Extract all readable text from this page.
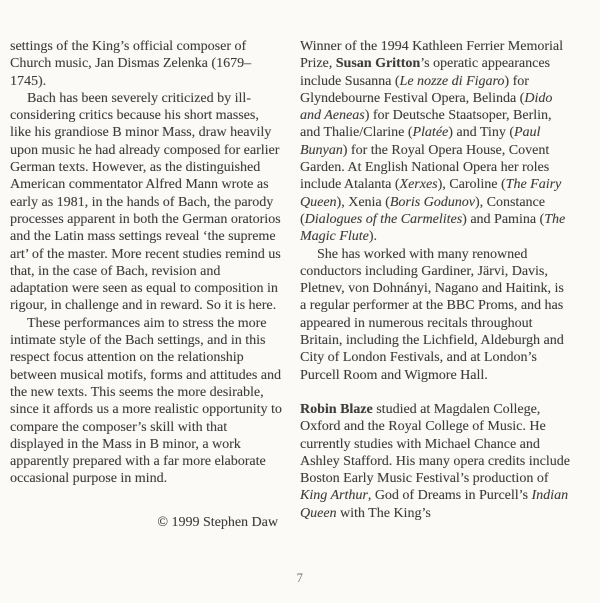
settings of the King’s official composer of Church music, Jan Dismas Zelenka (1679–1745).

Bach has been severely criticized by ill-considering critics because his short masses, like his grandiose B minor Mass, draw heavily upon music he had already composed for earlier German texts. However, as the distinguished American commentator Alfred Mann wrote as early as 1981, in the hands of Bach, the parody processes apparent in both the German oratorios and the Latin mass settings reveal ‘the supreme art’ of the master. More recent studies remind us that, in the case of Bach, revision and adaptation were seen as equal to composition in rigour, in challenge and in reward. So it is here.

These performances aim to stress the more intimate style of the Bach settings, and in this respect focus attention on the relationship between musical motifs, forms and attitudes and the new texts. This seems the more desirable, since it affords us a more realistic opportunity to compare the composer’s skill with that displayed in the Mass in B minor, a work apparently prepared with a far more elaborate occasional purpose in mind.

© 1999 Stephen Daw

Winner of the 1994 Kathleen Ferrier Memorial Prize, Susan Gritton’s operatic appearances include Susanna (Le nozze di Figaro) for Glyndebourne Festival Opera, Belinda (Dido and Aeneas) for Deutsche Staatsoper, Berlin, and Thalie/Clarine (Platée) and Tiny (Paul Bunyan) for the Royal Opera House, Covent Garden. At English National Opera her roles include Atalanta (Xerxes), Caroline (The Fairy Queen), Xenia (Boris Godunov), Constance (Dialogues of the Carmelites) and Pamina (The Magic Flute).

She has worked with many renowned conductors including Gardiner, Järvi, Davis, Pletnev, von Dohnányi, Nagano and Haitink, is a regular performer at the BBC Proms, and has appeared in numerous recitals throughout Britain, including the Lichfield, Aldeburgh and City of London Festivals, and at London’s Purcell Room and Wigmore Hall.

Robin Blaze studied at Magdalen College, Oxford and the Royal College of Music. He currently studies with Michael Chance and Ashley Stafford. His many opera credits include Boston Early Music Festival’s production of King Arthur, God of Dreams in Purcell’s Indian Queen with The King’s

7
